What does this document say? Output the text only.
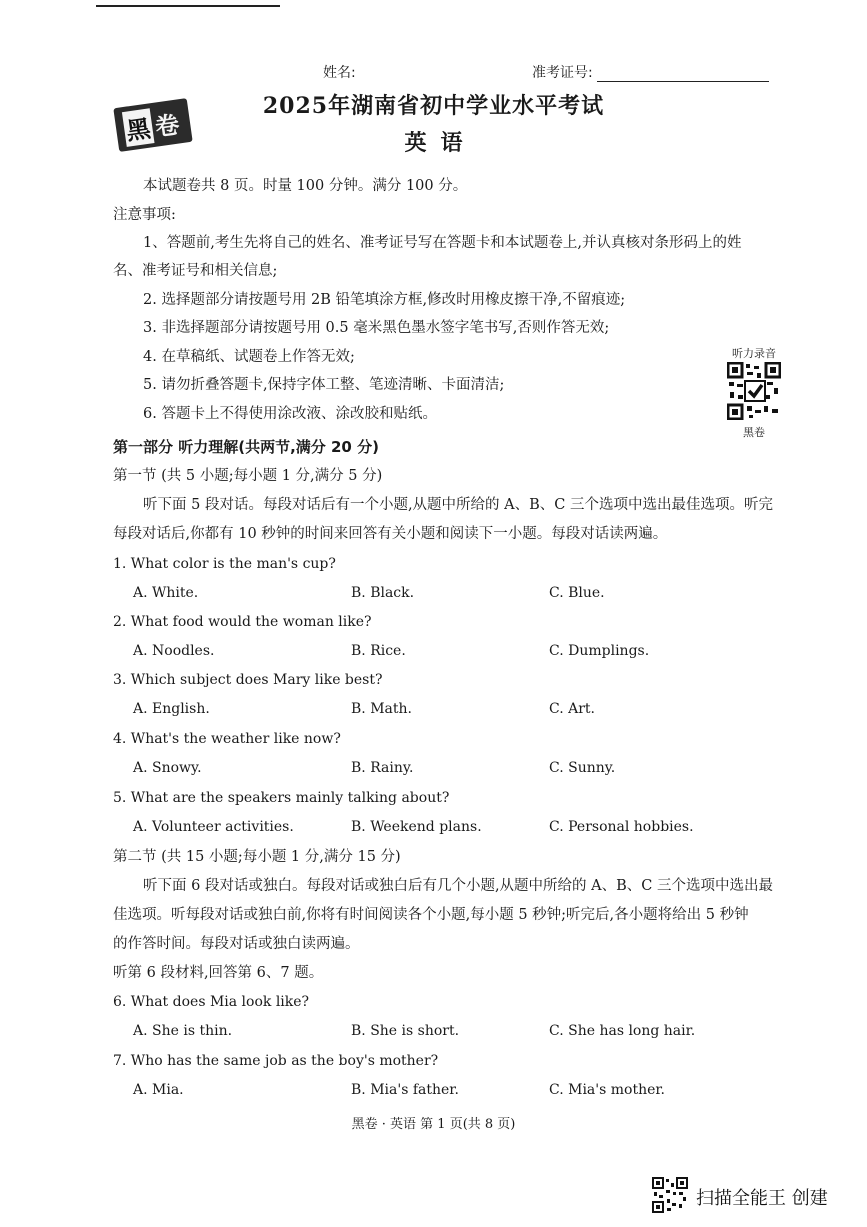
姓名:	准考证号:
黑 卷
2025年湖南省初中学业水平考试
英语
本试题卷共 8 页。时量 100 分钟。满分 100 分。
注意事项:
1、答题前,考生先将自己的姓名、准考证号写在答题卡和本试题卷上,并认真核对条形码上的姓
名、准考证号和相关信息;
2. 选择题部分请按题号用 2B 铅笔填涂方框,修改时用橡皮擦干净,不留痕迹;
3. 非选择题部分请按题号用 0.5 毫米黑色墨水签字笔书写,否则作答无效;
4. 在草稿纸、试题卷上作答无效;
5. 请勿折叠答题卡,保持字体工整、笔迹清晰、卡面清洁;
6. 答题卡上不得使用涂改液、涂改胶和贴纸。
听力录音
黑卷
第一部分 听力理解(共两节,满分 20 分)
第一节 (共 5 小题;每小题 1 分,满分 5 分)
听下面 5 段对话。每段对话后有一个小题,从题中所给的 A、B、C 三个选项中选出最佳选项。听完
每段对话后,你都有 10 秒钟的时间来回答有关小题和阅读下一小题。每段对话读两遍。
1. What color is the man's cup?
A. White.	B. Black.	C. Blue.
2. What food would the woman like?
A. Noodles.	B. Rice.	C. Dumplings.
3. Which subject does Mary like best?
A. English.	B. Math.	C. Art.
4. What's the weather like now?
A. Snowy.	B. Rainy.	C. Sunny.
5. What are the speakers mainly talking about?
A. Volunteer activities.	B. Weekend plans.	C. Personal hobbies.
第二节 (共 15 小题;每小题 1 分,满分 15 分)
听下面 6 段对话或独白。每段对话或独白后有几个小题,从题中所给的 A、B、C 三个选项中选出最
佳选项。听每段对话或独白前,你将有时间阅读各个小题,每小题 5 秒钟;听完后,各小题将给出 5 秒钟
的作答时间。每段对话或独白读两遍。
听第 6 段材料,回答第 6、7 题。
6. What does Mia look like?
A. She is thin.	B. She is short.	C. She has long hair.
7. Who has the same job as the boy's mother?
A. Mia.	B. Mia's father.	C. Mia's mother.
黑卷 · 英语 第 1 页(共 8 页)
扫描全能王 创建
